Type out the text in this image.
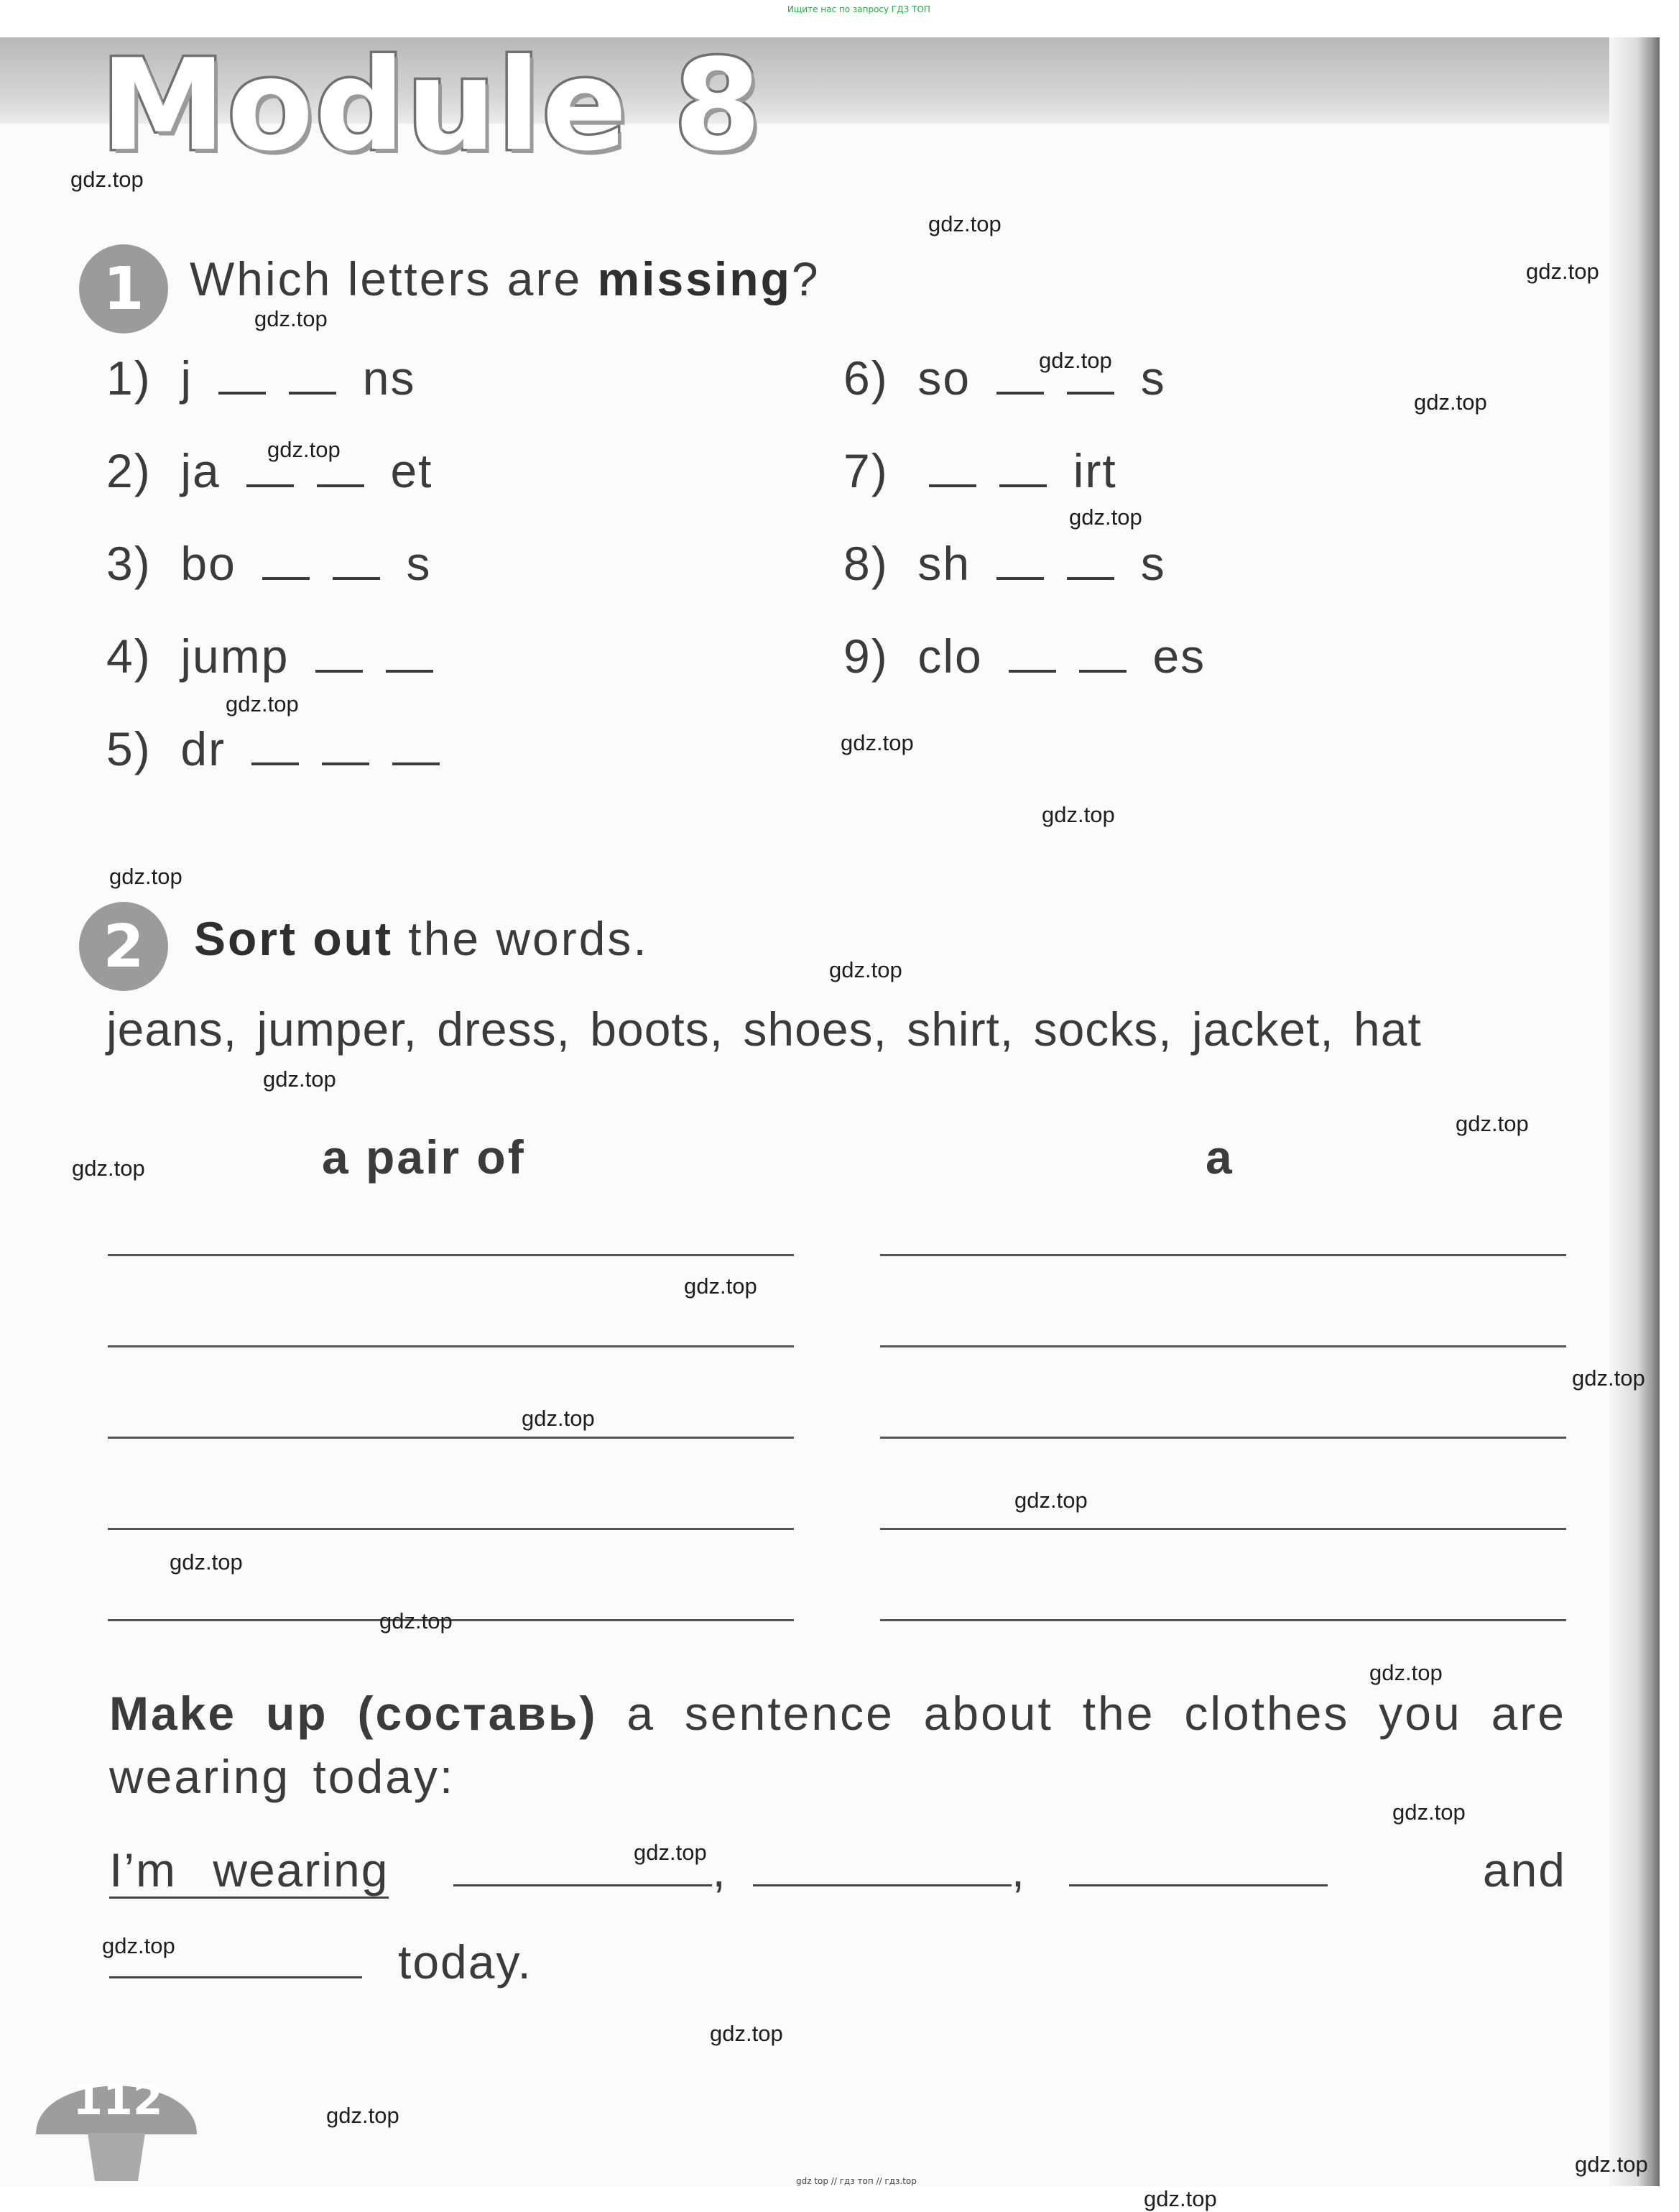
Ищите нас по запросу ГДЗ ТОП
Module 8
1 Which letters are missing?
1) j	ns
2) ja	et
3) bo	s
4) jump
5) dr
6) so	s
7)	irt
8) sh	s
9) clo	es
2	Sort out the words.
jeans, jumper, dress, boots, shoes, shirt, socks, jacket, hat
a pair of	a
Make up (составь) a sentence about the clothes you are wearing today:
I’m wearing	,	,	and
today.
112
gdz.top
gdz.top
gdz.top
gdz.top
gdz.top
gdz.top
gdz.top
gdz.top
gdz.top
gdz.top
gdz.top
gdz.top
gdz.top
gdz.top
gdz.top
gdz.top
gdz.top
gdz.top
gdz.top
gdz.top
gdz.top
gdz.top
gdz.top
gdz.top
gdz.top
gdz.top
gdz.top
gdz.top
gdz.top
gdz.top
gdz top // гдз топ // гдз.top
